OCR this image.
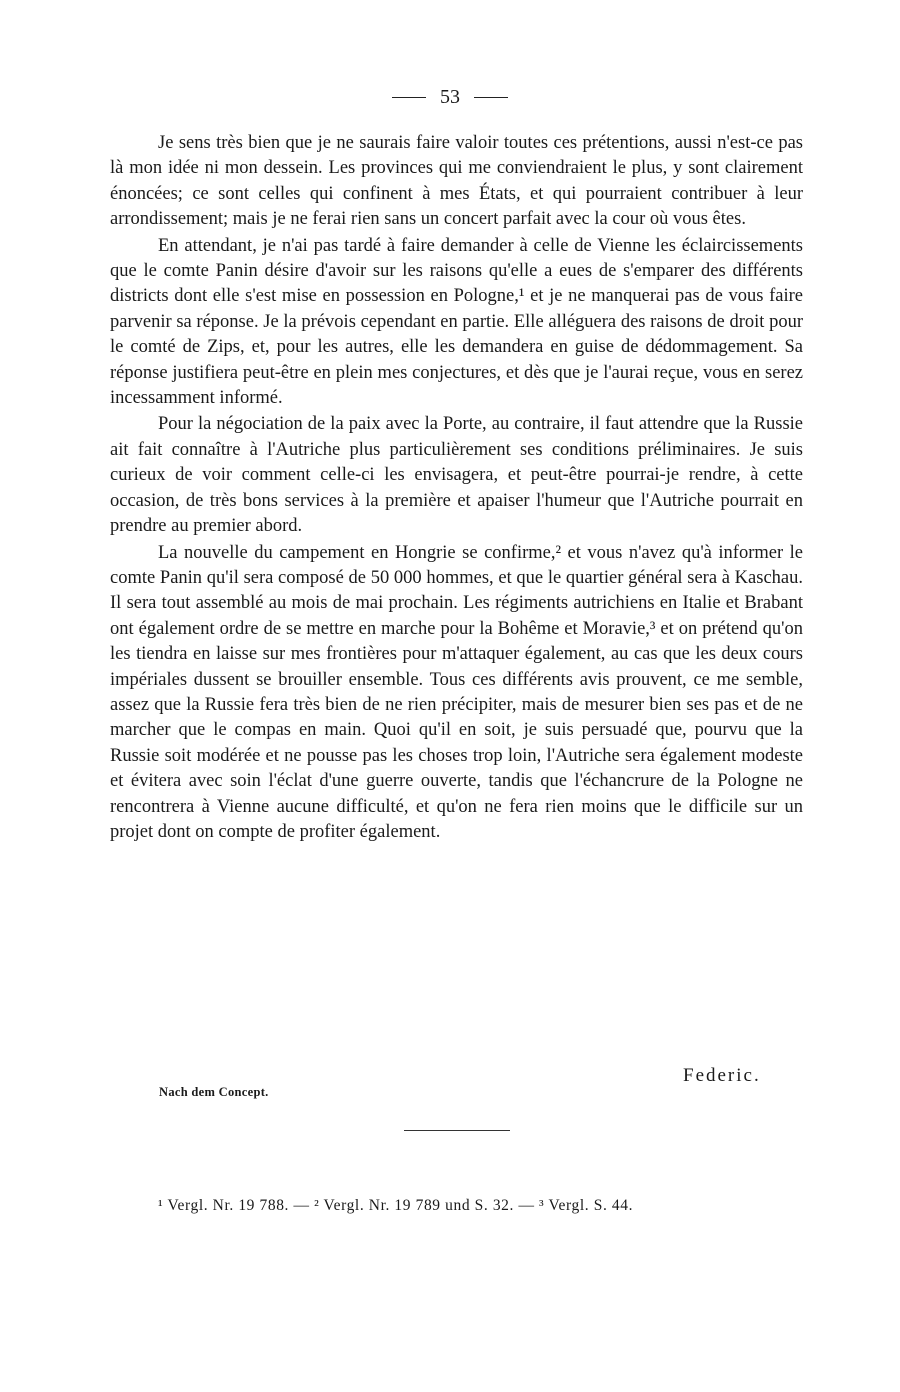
53

Je sens très bien que je ne saurais faire valoir toutes ces prétentions, aussi n'est-ce pas là mon idée ni mon dessein. Les provinces qui me conviendraient le plus, y sont clairement énoncées; ce sont celles qui confinent à mes États, et qui pourraient contribuer à leur arrondissement; mais je ne ferai rien sans un concert parfait avec la cour où vous êtes.

En attendant, je n'ai pas tardé à faire demander à celle de Vienne les éclaircissements que le comte Panin désire d'avoir sur les raisons qu'elle a eues de s'emparer des différents districts dont elle s'est mise en possession en Pologne,¹ et je ne manquerai pas de vous faire parvenir sa réponse. Je la prévois cependant en partie. Elle alléguera des raisons de droit pour le comté de Zips, et, pour les autres, elle les demandera en guise de dédommagement. Sa réponse justifiera peut-être en plein mes conjectures, et dès que je l'aurai reçue, vous en serez incessamment informé.

Pour la négociation de la paix avec la Porte, au contraire, il faut attendre que la Russie ait fait connaître à l'Autriche plus particulièrement ses conditions préliminaires. Je suis curieux de voir comment celle-ci les envisagera, et peut-être pourrai-je rendre, à cette occasion, de très bons services à la première et apaiser l'humeur que l'Autriche pourrait en prendre au premier abord.

La nouvelle du campement en Hongrie se confirme,² et vous n'avez qu'à informer le comte Panin qu'il sera composé de 50 000 hommes, et que le quartier général sera à Kaschau. Il sera tout assemblé au mois de mai prochain. Les régiments autrichiens en Italie et Brabant ont également ordre de se mettre en marche pour la Bohême et Moravie,³ et on prétend qu'on les tiendra en laisse sur mes frontières pour m'attaquer également, au cas que les deux cours impériales dussent se brouiller ensemble. Tous ces différents avis prouvent, ce me semble, assez que la Russie fera très bien de ne rien précipiter, mais de mesurer bien ses pas et de ne marcher que le compas en main. Quoi qu'il en soit, je suis persuadé que, pourvu que la Russie soit modérée et ne pousse pas les choses trop loin, l'Autriche sera également modeste et évitera avec soin l'éclat d'une guerre ouverte, tandis que l'échancrure de la Pologne ne rencontrera à Vienne aucune difficulté, et qu'on ne fera rien moins que le difficile sur un projet dont on compte de profiter également.

Federic.
Nach dem Concept.
¹ Vergl. Nr. 19 788. — ² Vergl. Nr. 19 789 und S. 32. — ³ Vergl. S. 44.
